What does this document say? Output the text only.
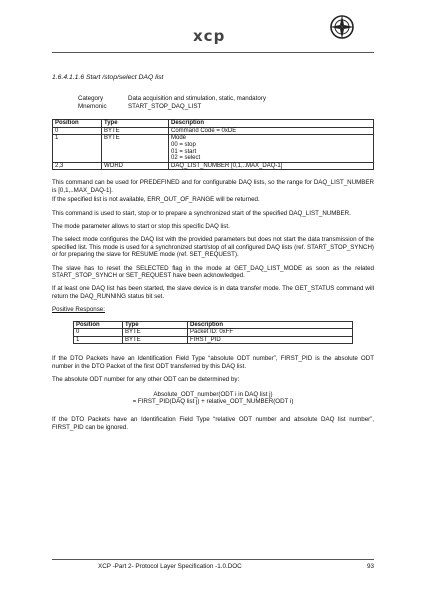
xcp
1.6.4.1.1.6 Start /stop/select DAQ list
Category	Data acquisition and stimulation, static, mandatory
Mnemonic	START_STOP_DAQ_LIST
Position	Type	Description
0	BYTE	Command Code = 0xDE
1	BYTE	Mode
00 = stop
01 = start
02 = select

2,3	WORD	DAQ_LIST_NUMBER [0,1,..MAX_DAQ-1]

This command can be used for PREDEFINED and for configurable DAQ lists, so the range for DAQ_LIST_NUMBER is [0,1,..MAX_DAQ-1].

If the specified list is not available, ERR_OUT_OF_RANGE will be returned.

This command is used to start, stop or to prepare a synchronized start of the specified DAQ_LIST_NUMBER.

The mode parameter allows to start or stop this specific DAQ list.

The select mode configures the DAQ list with the provided parameters but does not start the data transmission of the specified list. This mode is used for a synchronized start/stop of all configured DAQ lists (ref. START_STOP_SYNCH) or for preparing the slave for RESUME mode (ref. SET_REQUEST).

The slave has to reset the SELECTED flag in the mode at GET_DAQ_LIST_MODE as soon as the related START_STOP_SYNCH or SET_REQUEST have been acknowledged.

If at least one DAQ list has been started, the slave device is in data transfer mode. The GET_STATUS command will return the DAQ_RUNNING status bit set.

Positive Response:

Position	Type	Description
0	BYTE	Packet ID: 0xFF
1	BYTE	FIRST_PID

If the DTO Packets have an Identification Field Type “absolute ODT number”, FIRST_PID is the absolute ODT number in the DTO Packet of the first ODT transferred by this DAQ list.

The absolute ODT number for any other ODT can be determined by:

Absolute_ODT_number(ODT i in DAQ list j)
= FIRST_PID(DAQ list j) + relative_ODT_NUMBER(ODT i)

If the DTO Packets have an Identification Field Type “relative ODT number and absolute DAQ list number”, FIRST_PID can be ignored.

XCP -Part 2- Protocol Layer Specification -1.0.DOC	93
